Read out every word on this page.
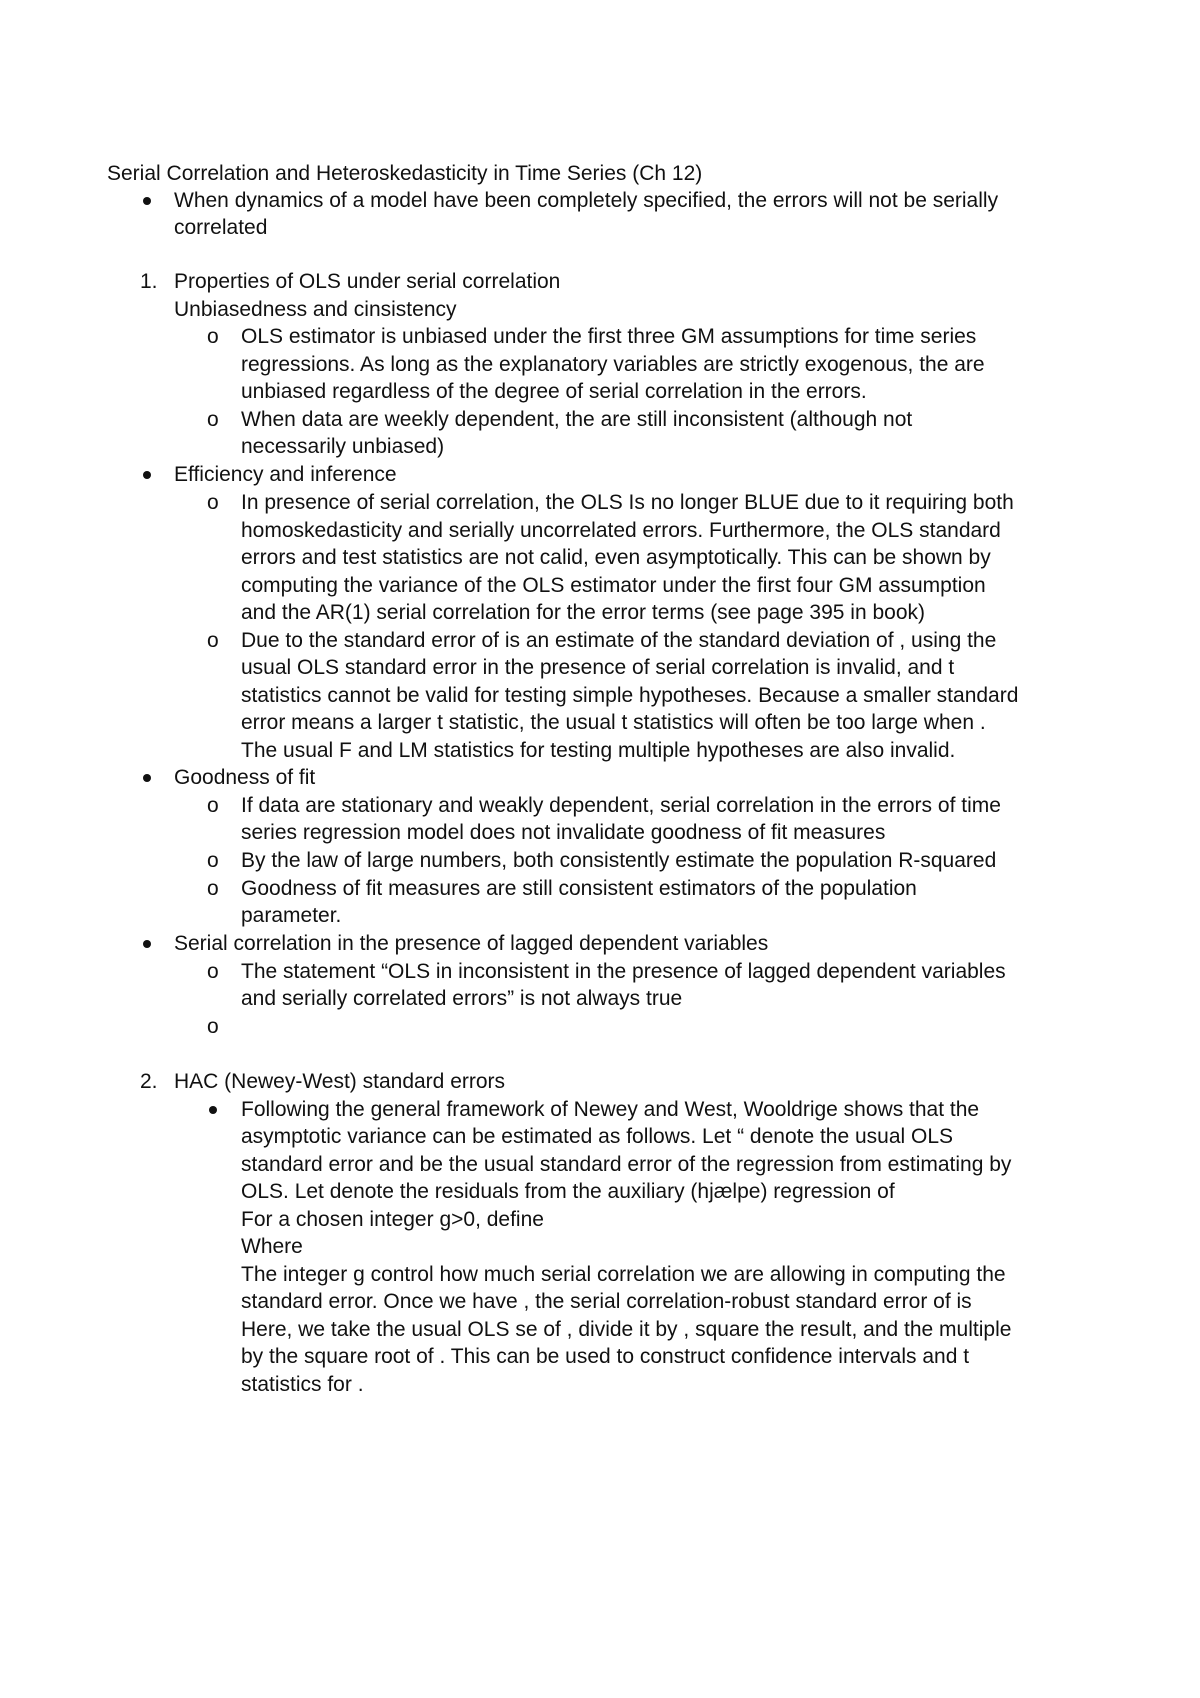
Serial Correlation and Heteroskedasticity in Time Series (Ch 12)
When dynamics of a model have been completely specified, the errors will not be serially
correlated
1. Properties of OLS under serial correlation
Unbiasedness and cinsistency
o OLS estimator is unbiased under the first three GM assumptions for time series
regressions. As long as the explanatory variables are strictly exogenous, the are
unbiased regardless of the degree of serial correlation in the errors.
o When data are weekly dependent, the are still inconsistent (although not
necessarily unbiased)
Efficiency and inference
o In presence of serial correlation, the OLS Is no longer BLUE due to it requiring both
homoskedasticity and serially uncorrelated errors. Furthermore, the OLS standard
errors and test statistics are not calid, even asymptotically. This can be shown by
computing the variance of the OLS estimator under the first four GM assumption
and the AR(1) serial correlation for the error terms (see page 395 in book)
o Due to the standard error of is an estimate of the standard deviation of , using the
usual OLS standard error in the presence of serial correlation is invalid, and t
statistics cannot be valid for testing simple hypotheses. Because a smaller standard
error means a larger t statistic, the usual t statistics will often be too large when .
The usual F and LM statistics for testing multiple hypotheses are also invalid.
Goodness of fit
o If data are stationary and weakly dependent, serial correlation in the errors of time
series regression model does not invalidate goodness of fit measures
o By the law of large numbers, both consistently estimate the population R-squared
o Goodness of fit measures are still consistent estimators of the population
parameter.
Serial correlation in the presence of lagged dependent variables
o The statement “OLS in inconsistent in the presence of lagged dependent variables
and serially correlated errors” is not always true
o
2. HAC (Newey-West) standard errors
Following the general framework of Newey and West, Wooldrige shows that the
asymptotic variance can be estimated as follows. Let “ denote the usual OLS
standard error and be the usual standard error of the regression from estimating by
OLS. Let denote the residuals from the auxiliary (hjælpe) regression of
For a chosen integer g>0, define
Where
The integer g control how much serial correlation we are allowing in computing the
standard error. Once we have , the serial correlation-robust standard error of is
Here, we take the usual OLS se of , divide it by , square the result, and the multiple
by the square root of . This can be used to construct confidence intervals and t
statistics for .
